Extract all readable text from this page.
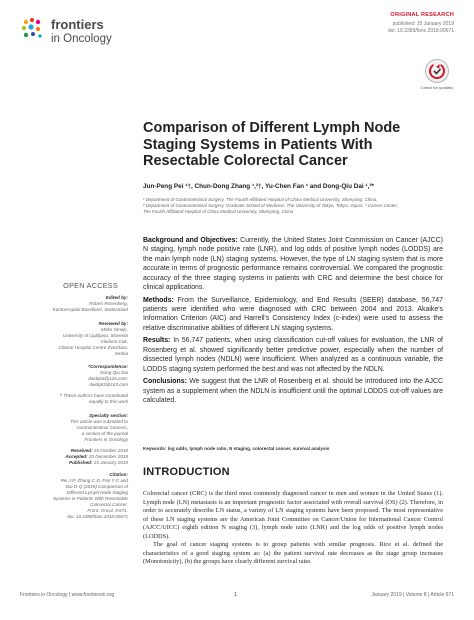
frontiers
in Oncology
ORIGINAL RESEARCH
published: 15 January 2019
doi: 10.3389/fonc.2018.00671
Check for updates
Comparison of Different Lymph Node Staging Systems in Patients With Resectable Colorectal Cancer
Jun-Peng Pei ¹†, Chun-Dong Zhang ¹,²†, Yu-Chen Fan ¹ and Dong-Qiu Dai ¹,³*
¹ Department of Gastrointestinal Surgery, The Fourth Affiliated Hospital of China Medical University, Shenyang, China,
² Department of Gastrointestinal Surgery, Graduate School of Medicine, The University of Tokyo, Tokyo, Japan, ³ Cancer Center,
The Fourth Affiliated Hospital of China Medical University, Shenyang, China
OPEN ACCESS
Edited by:
Robert Rosenberg,
Kantonsspital Baselland, Switzerland
Reviewed by:
Mirko Omejc,
University of Ljubljana, Slovenia
Vladimir Cuk,
Clinical Hospital Centre Zvezdara,
Serbia
*Correspondence:
Dong-Qiu Dai
daidq63@126.com;
daidq63@163.com
† These authors have contributed
equally to this work
Specialty section:
This article was submitted to
Gastrointestinal Cancers,
a section of the journal
Frontiers in Oncology
Received: 25 October 2018
Accepted: 20 December 2018
Published: 15 January 2019
Citation:
Pei J-P, Zhang C-D, Fan Y-C and
Dai D-Q (2019) Comparison of
Different Lymph Node Staging
Systems in Patients With Resectable
Colorectal Cancer.
Front. Oncol. 8:671.
doi: 10.3389/fonc.2018.00671

Background and Objectives: Currently, the United States Joint Commission on Cancer (AJCC) N staging, lymph node positive rate (LNR), and log odds of positive lymph nodes (LODDS) are the main lymph node (LN) staging systems. However, the type of LN staging system that is more accurate in terms of prognostic performance remains controversial. We compared the prognostic accuracy of the three staging systems in patients with CRC and determine the best choice for clinical applications.

Methods: From the Surveillance, Epidemiology, and End Results (SEER) database, 56,747 patients were identified who were diagnosed with CRC between 2004 and 2013. Akaike's Information Criterion (AIC) and Harrell's Consistency Index (c-index) were used to assess the relative discriminative abilities of different LN staging systems.

Results: In 56,747 patients, when using classification cut-off values for evaluation, the LNR of Rosenberg et al. showed significantly better predictive power, especially when the number of dissected lymph nodes (NDLN) were insufficient. When analyzed as a continuous variable, the LODDS staging system performed the best and was not affected by the NDLN.

Conclusions: We suggest that the LNR of Rosenberg et al. should be introduced into the AJCC system as a supplement when the NDLN is insufficient until the optimal LODDS cut-off values are calculated.

Keywords: log odds, lymph node ratio, N staging, colorectal cancer, survival analysis
INTRODUCTION

Colorectal cancer (CRC) is the third most commonly diagnosed cancer in men and women in the United States (1). Lymph node (LN) metastasis is an important prognostic factor associated with overall survival (OS) (2). Therefore, in order to accurately describe LN status, a variety of LN staging systems have been proposed. The most representative of these LN staging systems are the American Joint Committee on Cancer/Union for International Cancer Control (AJCC/UICC) eighth edition N staging (3), lymph node ratio (LNR) and the log odds of positive lymph nodes (LODDS).

The goal of cancer staging systems is to group patients with similar prognosis. Rice et al. defined the characteristics of a good staging system as: (a) the patient survival rate decreases as the stage group increases (Monotonicity), (b) the groups have clearly different survival rates

Frontiers in Oncology | www.frontiersin.org	1	January 2019 | Volume 8 | Article 671
